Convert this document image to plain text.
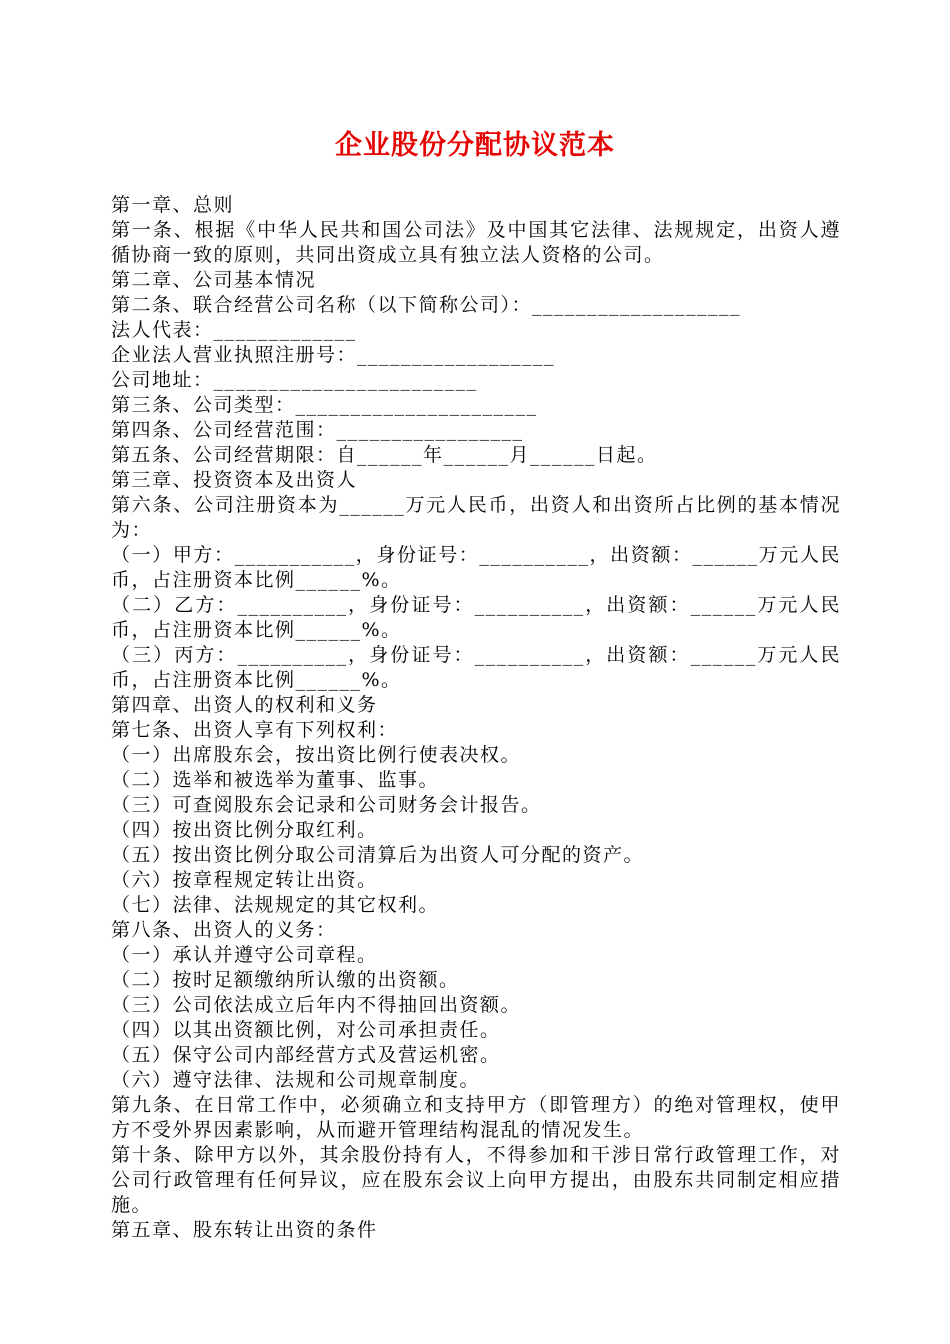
企业股份分配协议范本
第一章、总则
第一条、根据《中华人民共和国公司法》及中国其它法律、法规规定，出资人遵循协商一致的原则，共同出资成立具有独立法人资格的公司。
第二章、公司基本情况
第二条、联合经营公司名称（以下简称公司）：___________________
法人代表：_____________
企业法人营业执照注册号：__________________
公司地址：________________________
第三条、公司类型：______________________
第四条、公司经营范围：_________________
第五条、公司经营期限：自______年______月______日起。
第三章、投资资本及出资人
第六条、公司注册资本为______万元人民币，出资人和出资所占比例的基本情况为：
（一）甲方：___________，身份证号：__________，出资额：______万元人民币，占注册资本比例______%。
（二）乙方：__________，身份证号：__________，出资额：______万元人民币，占注册资本比例______%。
（三）丙方：__________，身份证号：__________，出资额：______万元人民币，占注册资本比例______%。
第四章、出资人的权利和义务
第七条、出资人享有下列权利：
（一）出席股东会，按出资比例行使表决权。
（二）选举和被选举为董事、监事。
（三）可查阅股东会记录和公司财务会计报告。
（四）按出资比例分取红利。
（五）按出资比例分取公司清算后为出资人可分配的资产。
（六）按章程规定转让出资。
（七）法律、法规规定的其它权利。
第八条、出资人的义务：
（一）承认并遵守公司章程。
（二）按时足额缴纳所认缴的出资额。
（三）公司依法成立后年内不得抽回出资额。
（四）以其出资额比例，对公司承担责任。
（五）保守公司内部经营方式及营运机密。
（六）遵守法律、法规和公司规章制度。
第九条、在日常工作中，必须确立和支持甲方（即管理方）的绝对管理权，使甲方不受外界因素影响，从而避开管理结构混乱的情况发生。
第十条、除甲方以外，其余股份持有人，不得参加和干涉日常行政管理工作，对公司行政管理有任何异议，应在股东会议上向甲方提出，由股东共同制定相应措施。
第五章、股东转让出资的条件
